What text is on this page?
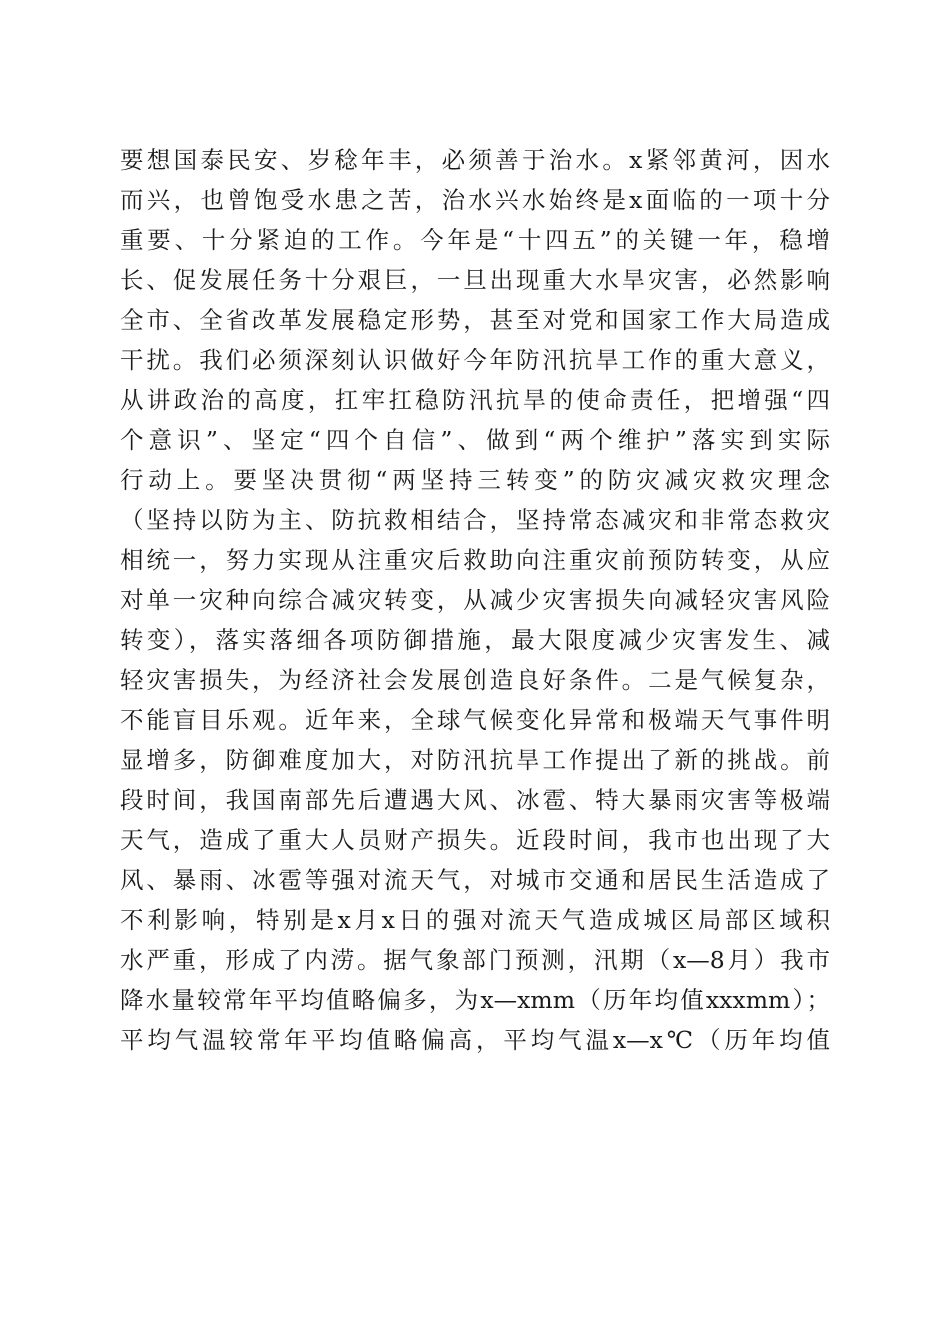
要想国泰民安、岁稔年丰，必须善于治水。x紧邻黄河，因水
而兴，也曾饱受水患之苦，治水兴水始终是x面临的一项十分
重要、十分紧迫的工作。今年是“十四五”的关键一年，稳增
长、促发展任务十分艰巨，一旦出现重大水旱灾害，必然影响
全市、全省改革发展稳定形势，甚至对党和国家工作大局造成
干扰。我们必须深刻认识做好今年防汛抗旱工作的重大意义，
从讲政治的高度，扛牢扛稳防汛抗旱的使命责任，把增强“四
个意识”、坚定“四个自信”、做到“两个维护”落实到实际
行动上。要坚决贯彻“两坚持三转变”的防灾减灾救灾理念
（坚持以防为主、防抗救相结合，坚持常态减灾和非常态救灾
相统一，努力实现从注重灾后救助向注重灾前预防转变，从应
对单一灾种向综合减灾转变，从减少灾害损失向减轻灾害风险
转变），落实落细各项防御措施，最大限度减少灾害发生、减
轻灾害损失，为经济社会发展创造良好条件。二是气候复杂，
不能盲目乐观。近年来，全球气候变化异常和极端天气事件明
显增多，防御难度加大，对防汛抗旱工作提出了新的挑战。前
段时间，我国南部先后遭遇大风、冰雹、特大暴雨灾害等极端
天气，造成了重大人员财产损失。近段时间，我市也出现了大
风、暴雨、冰雹等强对流天气，对城市交通和居民生活造成了
不利影响，特别是x月x日的强对流天气造成城区局部区域积
水严重，形成了内涝。据气象部门预测，汛期（x—8月）我市
降水量较常年平均值略偏多，为x—xmm（历年均值xxxmm）；
平均气温较常年平均值略偏高，平均气温x—x℃（历年均值
